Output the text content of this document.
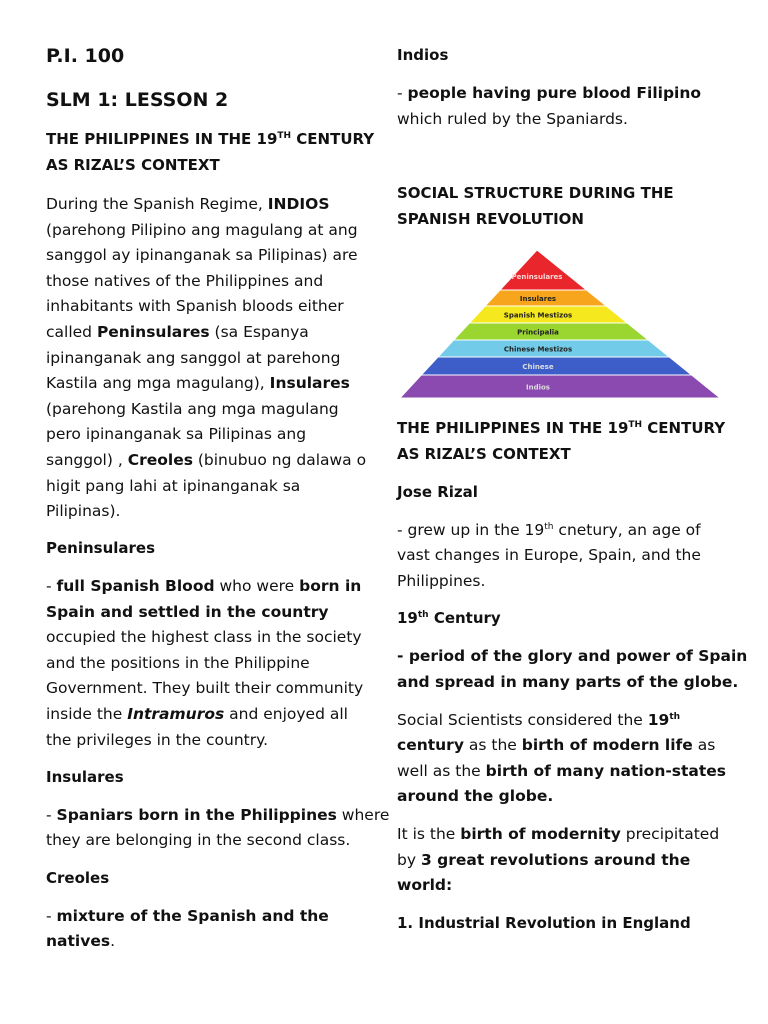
P.I. 100

SLM 1: LESSON 2

THE PHILIPPINES IN THE 19TH CENTURY

AS RIZAL’S CONTEXT

During the Spanish Regime, INDIOS

(parehong Pilipino ang magulang at ang

sanggol ay ipinanganak sa Pilipinas) are

those natives of the Philippines and

inhabitants with Spanish bloods either

called Peninsulares (sa Espanya

ipinanganak ang sanggol at parehong

Kastila ang mga magulang), Insulares

(parehong Kastila ang mga magulang

pero ipinanganak sa Pilipinas ang

sanggol) , Creoles (binubuo ng dalawa o

higit pang lahi at ipinanganak sa

Pilipinas).

Peninsulares

- full Spanish Blood who were born in

Spain and settled in the country

occupied the highest class in the society

and the positions in the Philippine

Government. They built their community

inside the Intramuros and enjoyed all

the privileges in the country.

Insulares

- Spaniars born in the Philippines where

they are belonging in the second class.

Creoles

- mixture of the Spanish and the

natives.

Indios

- people having pure blood Filipino

which ruled by the Spaniards.

SOCIAL STRUCTURE DURING THE

SPANISH REVOLUTION

Peninsulares
Insulares
Spanish Mestizos
Principalia
Chinese Mestizos
Chinese
Indios

THE PHILIPPINES IN THE 19TH CENTURY

AS RIZAL’S CONTEXT

Jose Rizal

- grew up in the 19th cnetury, an age of

vast changes in Europe, Spain, and the

Philippines.

19th Century

- period of the glory and power of Spain

and spread in many parts of the globe.

Social Scientists considered the 19th

century as the birth of modern life as

well as the birth of many nation-states

around the globe.

It is the birth of modernity precipitated

by 3 great revolutions around the

world:

1. Industrial Revolution in England
